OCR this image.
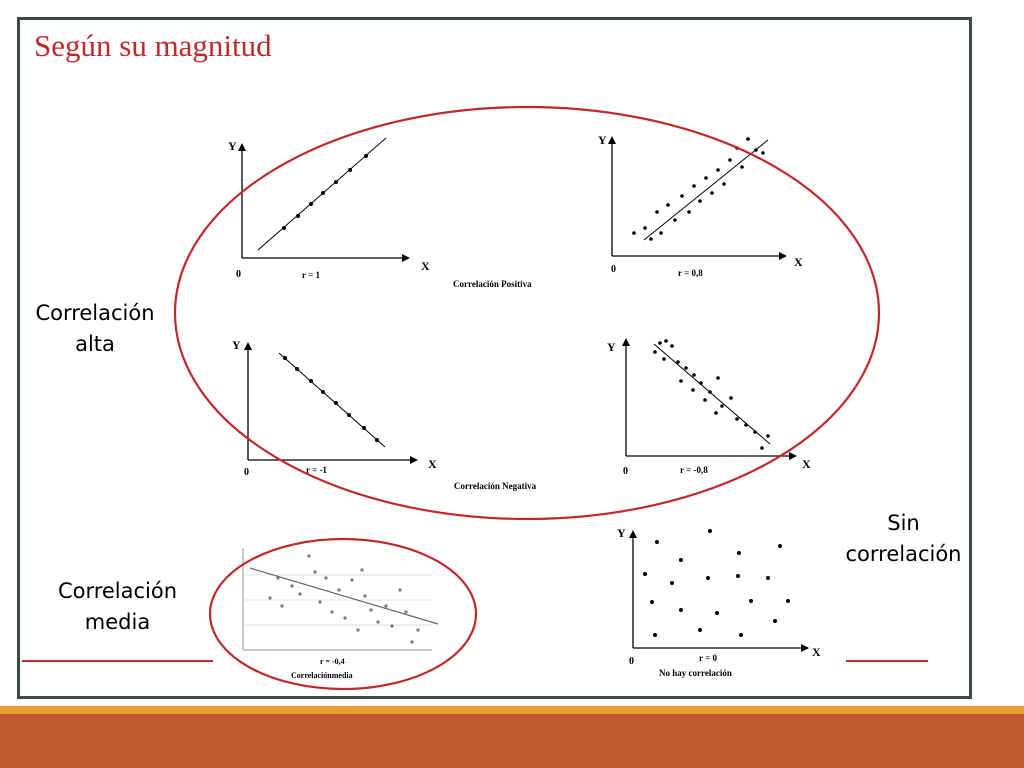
Según su magnitud
Y
X
0	r = 1
Y
X
0	r = 0,8
Y
X
0	r = -1
Y
X
0	r = -0,8
Correlación Positiva
Correlación Negativa
r = -0,4
Correlaciónmedia
Y
X
0	r = 0
No hay correlación
Correlación
alta
Correlación
media
Sin
correlación
